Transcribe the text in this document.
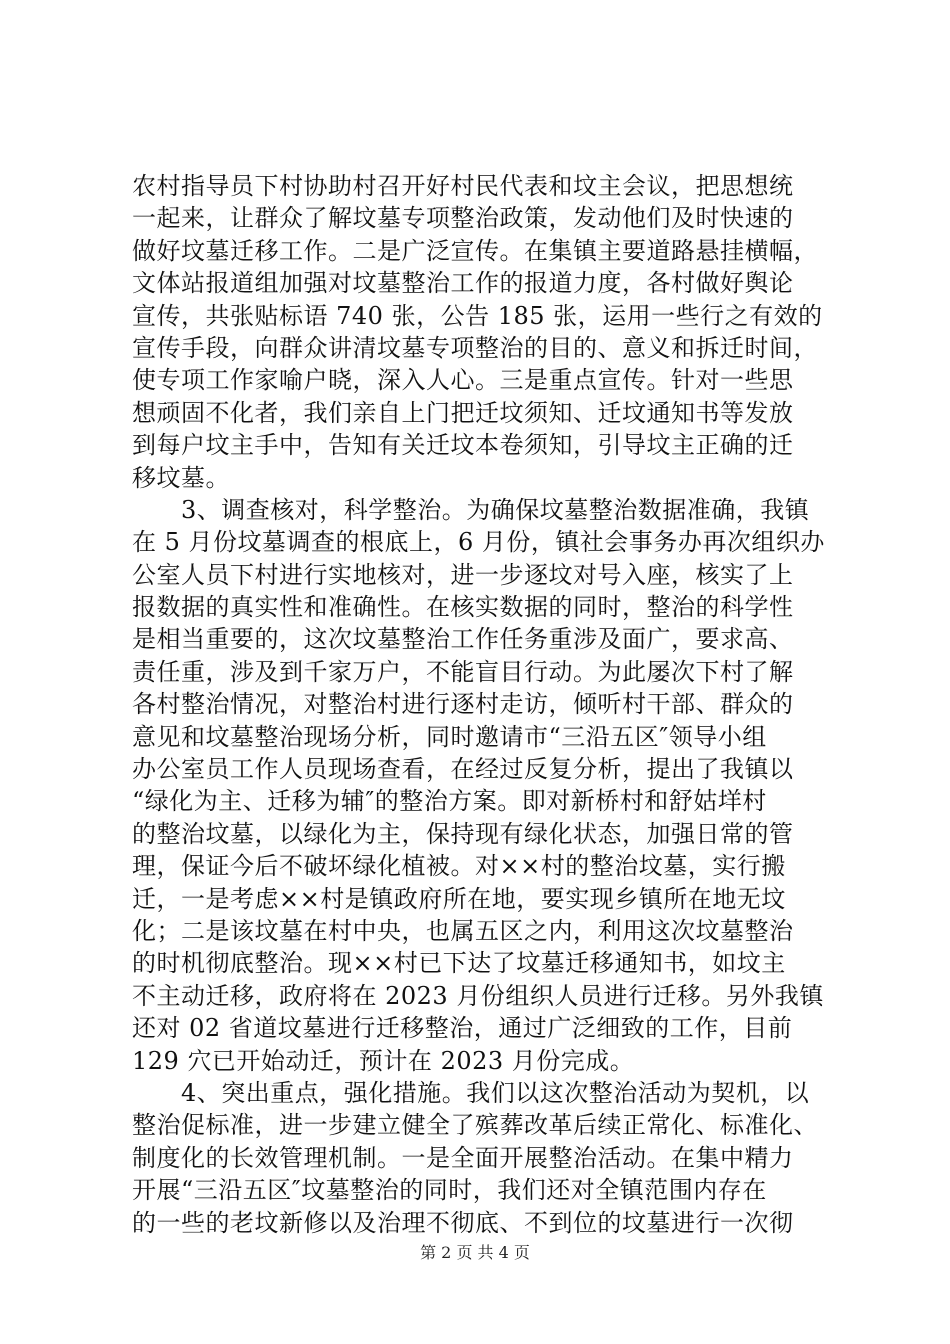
农村指导员下村协助村召开好村民代表和坟主会议，把思想统
一起来，让群众了解坟墓专项整治政策，发动他们及时快速的
做好坟墓迁移工作。二是广泛宣传。在集镇主要道路悬挂横幅，
文体站报道组加强对坟墓整治工作的报道力度，各村做好舆论
宣传，共张贴标语 740 张，公告 185 张，运用一些行之有效的
宣传手段，向群众讲清坟墓专项整治的目的、意义和拆迁时间，
使专项工作家喻户晓，深入人心。三是重点宣传。针对一些思
想顽固不化者，我们亲自上门把迁坟须知、迁坟通知书等发放
到每户坟主手中，告知有关迁坟本卷须知，引导坟主正确的迁
移坟墓。
　　3、调查核对，科学整治。为确保坟墓整治数据准确，我镇
在 5 月份坟墓调查的根底上，6 月份，镇社会事务办再次组织办
公室人员下村进行实地核对，进一步逐坟对号入座，核实了上
报数据的真实性和准确性。在核实数据的同时，整治的科学性
是相当重要的，这次坟墓整治工作任务重涉及面广，要求高、
责任重，涉及到千家万户，不能盲目行动。为此屡次下村了解
各村整治情况，对整治村进行逐村走访，倾听村干部、群众的
意见和坟墓整治现场分析，同时邀请市“三沿五区″领导小组
办公室员工作人员现场查看，在经过反复分析，提出了我镇以
“绿化为主、迁移为辅″的整治方案。即对新桥村和舒姑垟村
的整治坟墓，以绿化为主，保持现有绿化状态，加强日常的管
理，保证今后不破坏绿化植被。对××村的整治坟墓，实行搬
迁，一是考虑××村是镇政府所在地，要实现乡镇所在地无坟
化；二是该坟墓在村中央，也属五区之内，利用这次坟墓整治
的时机彻底整治。现××村已下达了坟墓迁移通知书，如坟主
不主动迁移，政府将在 2023 月份组织人员进行迁移。另外我镇
还对 02 省道坟墓进行迁移整治，通过广泛细致的工作，目前
129 穴已开始动迁，预计在 2023 月份完成。
　　4、突出重点，强化措施。我们以这次整治活动为契机，以
整治促标准，进一步建立健全了殡葬改革后续正常化、标准化、
制度化的长效管理机制。一是全面开展整治活动。在集中精力
开展“三沿五区″坟墓整治的同时，我们还对全镇范围内存在
的一些的老坟新修以及治理不彻底、不到位的坟墓进行一次彻
第 2 页 共 4 页
